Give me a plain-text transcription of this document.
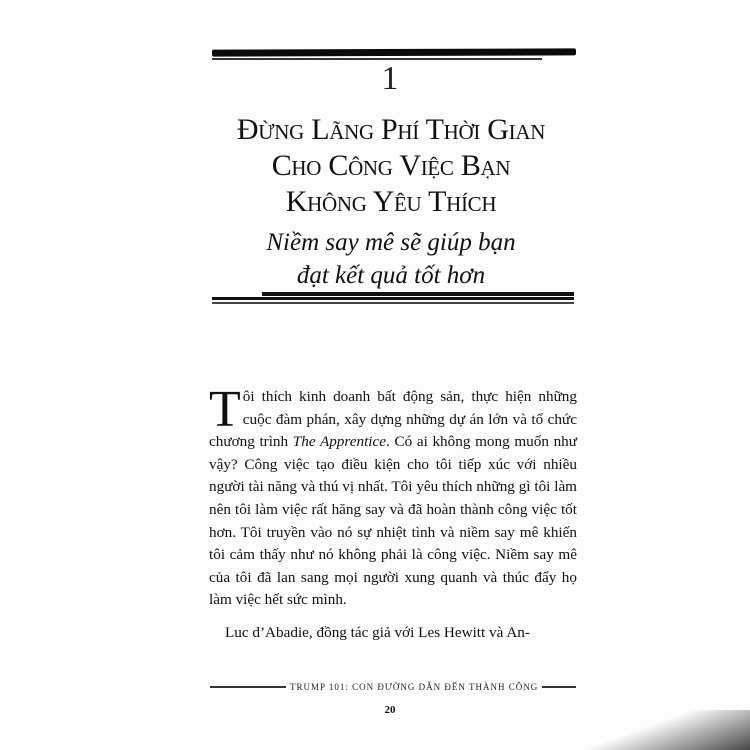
1
Đừng Lãng Phí Thời Gian
Cho Công Việc Bạn
Không Yêu Thích
Niềm say mê sẽ giúp bạn
đạt kết quả tốt hơn

Tôi thích kinh doanh bất động sản, thực hiện những cuộc đàm phán, xây dựng những dự án lớn và tổ chức chương trình The Apprentice. Có ai không mong muốn như vậy? Công việc tạo điều kiện cho tôi tiếp xúc với nhiều người tài năng và thú vị nhất. Tôi yêu thích những gì tôi làm nên tôi làm việc rất hăng say và đã hoàn thành công việc tốt hơn. Tôi truyền vào nó sự nhiệt tình và niềm say mê khiến tôi cảm thấy như nó không phải là công việc. Niềm say mê của tôi đã lan sang mọi người xung quanh và thúc đẩy họ làm việc hết sức mình.

Luc d’Abadie, đồng tác giả với Les Hewitt và An-

TRUMP 101: CON ĐƯỜNG DẪN ĐẾN THÀNH CÔNG
20
